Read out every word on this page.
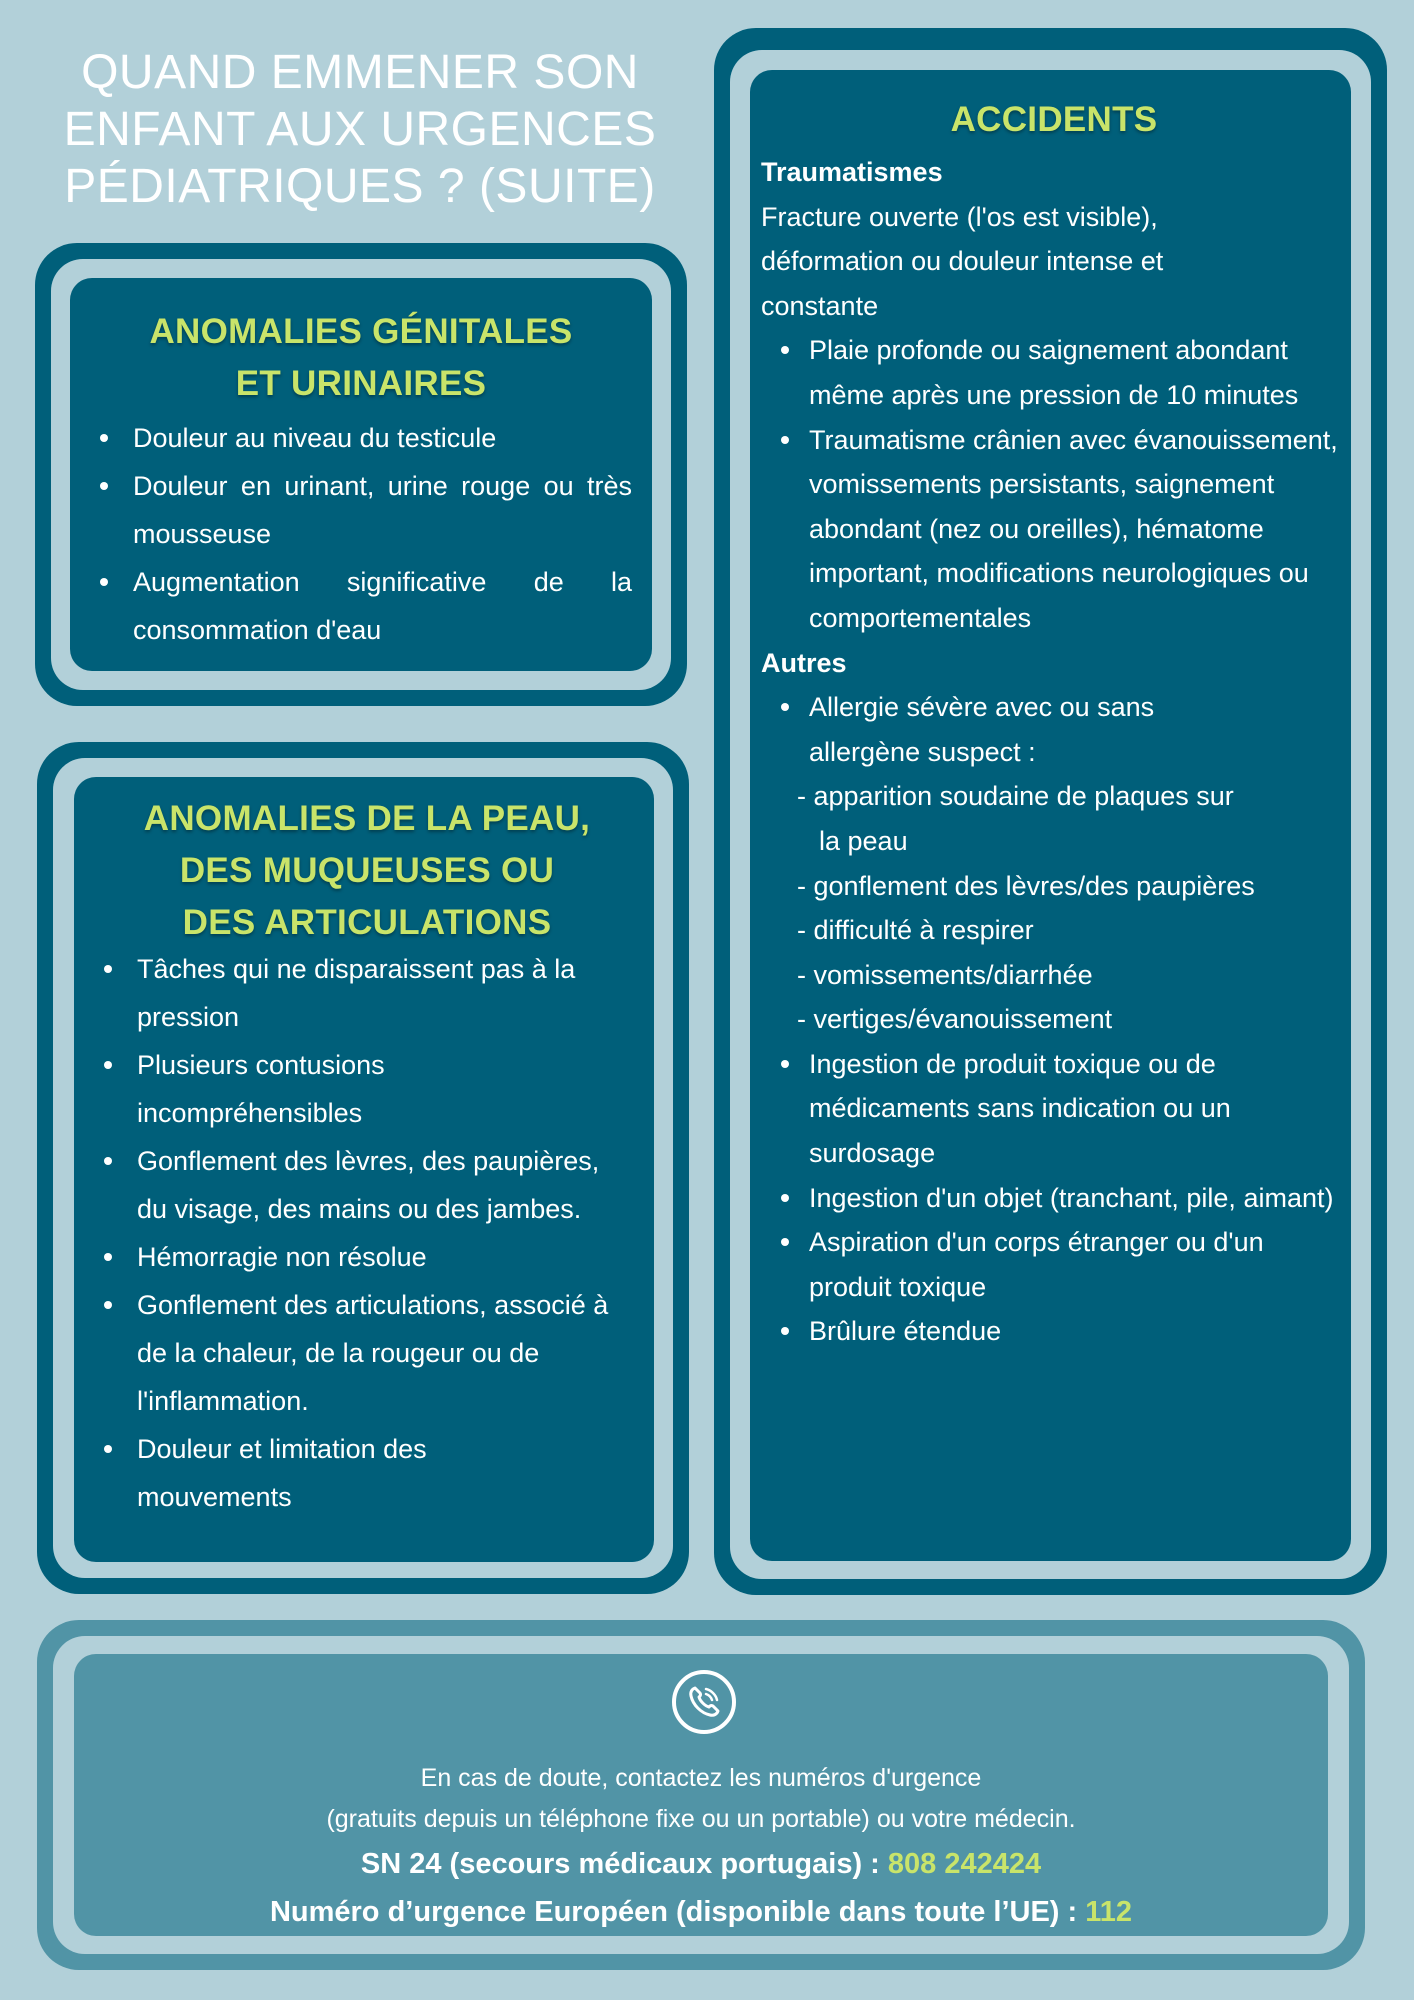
QUAND EMMENER SON
ENFANT AUX URGENCES
PÉDIATRIQUES ? (SUITE)
ANOMALIES GÉNITALES
ET URINAIRES
Douleur au niveau du testicule
Douleur en urinant, urine rouge ou très mousseuse
Augmentation significative de la consommation d'eau
ANOMALIES DE LA PEAU,
DES MUQUEUSES OU
DES ARTICULATIONS
Tâches qui ne disparaissent pas à la pression
Plusieurs contusions incompréhensibles
Gonflement des lèvres, des paupières, du visage, des mains ou des jambes.
Hémorragie non résolue
Gonflement des articulations, associé à de la chaleur, de la rougeur ou de l'inflammation.
Douleur et limitation des mouvements
ACCIDENTS
Traumatismes
Fracture ouverte (l'os est visible), déformation ou douleur intense et constante
Plaie profonde ou saignement abondant même après une pression de 10 minutes
Traumatisme crânien avec évanouissement, vomissements persistants, saignement abondant (nez ou oreilles), hématome important, modifications neurologiques ou comportementales
Autres
Allergie sévère avec ou sans allergène suspect :
- apparition soudaine de plaques sur
la peau
- gonflement des lèvres/des paupières
- difficulté à respirer
- vomissements/diarrhée
- vertiges/évanouissement
Ingestion de produit toxique ou de médicaments sans indication ou un surdosage
Ingestion d'un objet (tranchant, pile, aimant)
Aspiration d'un corps étranger ou d'un produit toxique
Brûlure étendue
En cas de doute, contactez les numéros d'urgence
(gratuits depuis un téléphone fixe ou un portable) ou votre médecin.
SN 24 (secours médicaux portugais) : 808 242424
Numéro d’urgence Européen (disponible dans toute l’UE) : 112
